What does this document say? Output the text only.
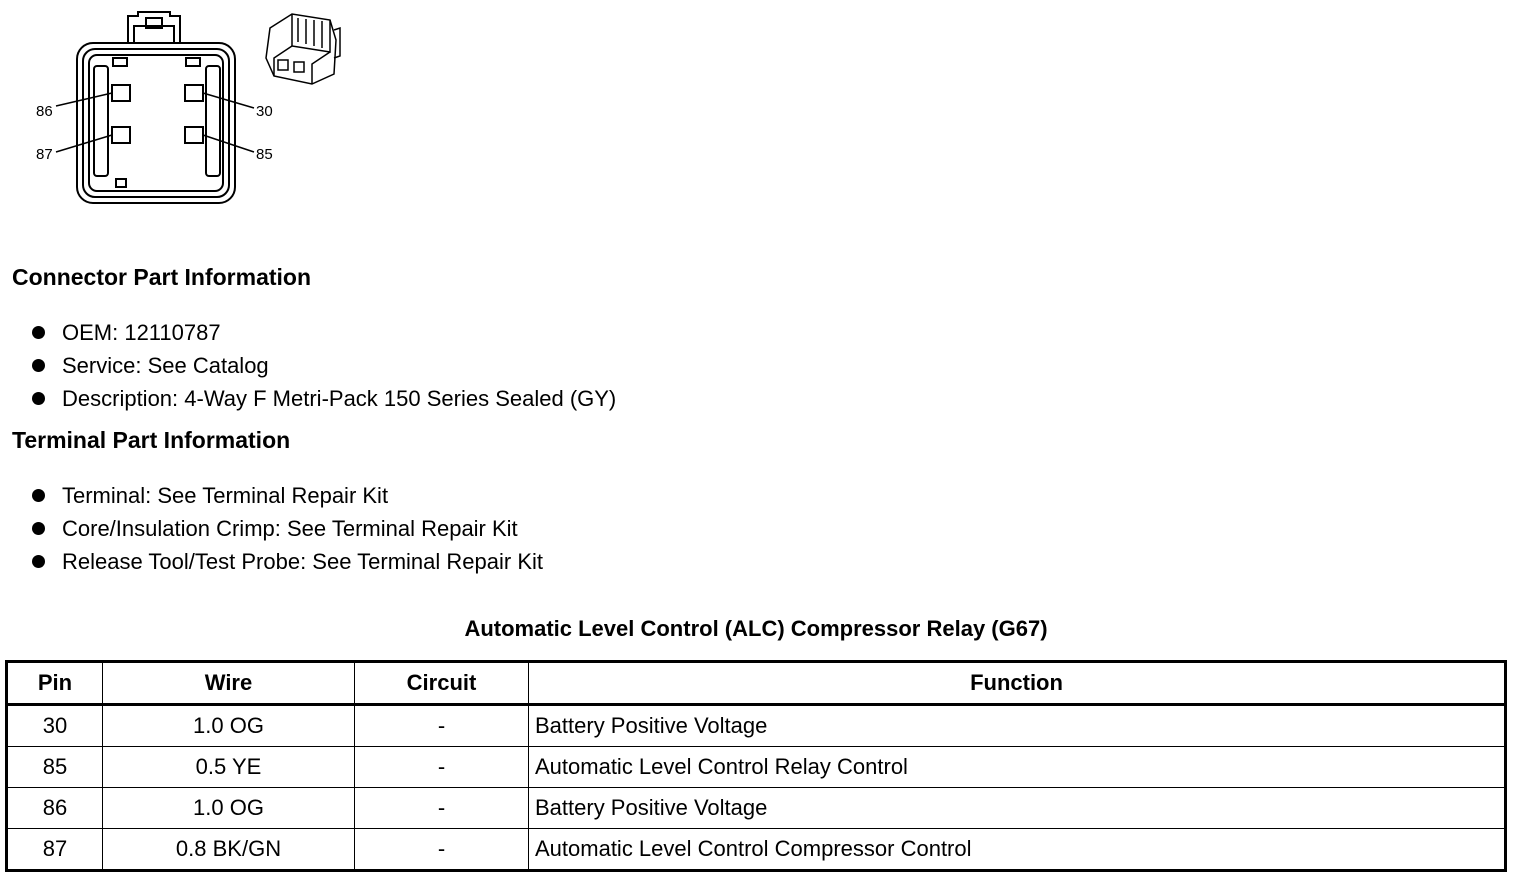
86
87
30
85
Connector Part Information
OEM: 12110787
Service: See Catalog
Description: 4-Way F Metri-Pack 150 Series Sealed (GY)
Terminal Part Information
Terminal: See Terminal Repair Kit
Core/Insulation Crimp: See Terminal Repair Kit
Release Tool/Test Probe: See Terminal Repair Kit
Automatic Level Control (ALC) Compressor Relay (G67)
Pin	Wire	Circuit	Function
30	1.0 OG	-	Battery Positive Voltage
85	0.5 YE	-	Automatic Level Control Relay Control
86	1.0 OG	-	Battery Positive Voltage
87	0.8 BK/GN	-	Automatic Level Control Compressor Control
